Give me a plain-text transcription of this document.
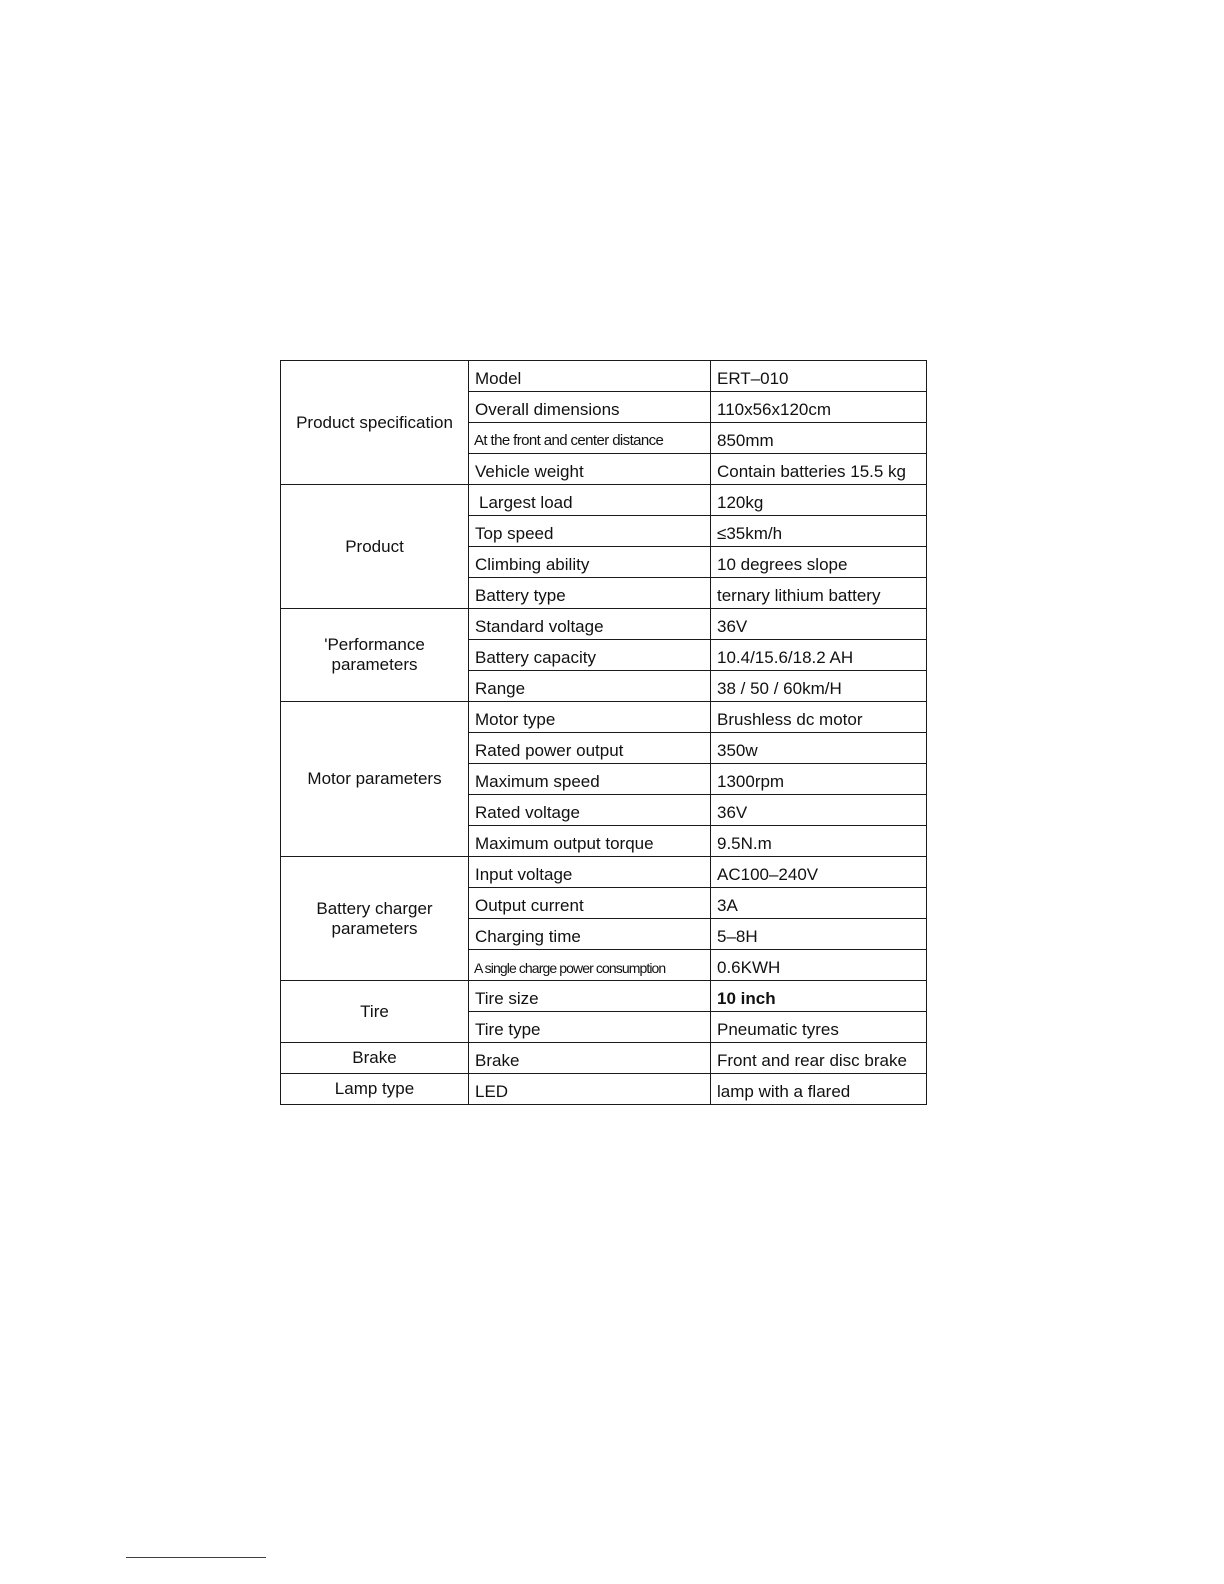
Product specification	Model	ERT–010
	Overall dimensions	110x56x120cm
	At the front and center distance	850mm
	Vehicle weight	Contain batteries 15.5 kg
Product	Largest load	120kg
	Top speed	≤35km/h
	Climbing ability	10 degrees slope
	Battery type	ternary lithium battery
'Performance parameters	Standard voltage	36V
	Battery capacity	10.4/15.6/18.2 AH
	Range	38 / 50 / 60km/H
Motor parameters	Motor type	Brushless dc motor
	Rated power output	350w
	Maximum speed	1300rpm
	Rated voltage	36V
	Maximum output torque	9.5N.m
Battery charger parameters	Input voltage	AC100–240V
	Output current	3A
	Charging time	5–8H
	A single charge power consumption	0.6KWH
Tire	Tire size	10 inch
	Tire type	Pneumatic tyres
Brake	Brake	Front and rear disc brake
Lamp type	LED	lamp with a flared
